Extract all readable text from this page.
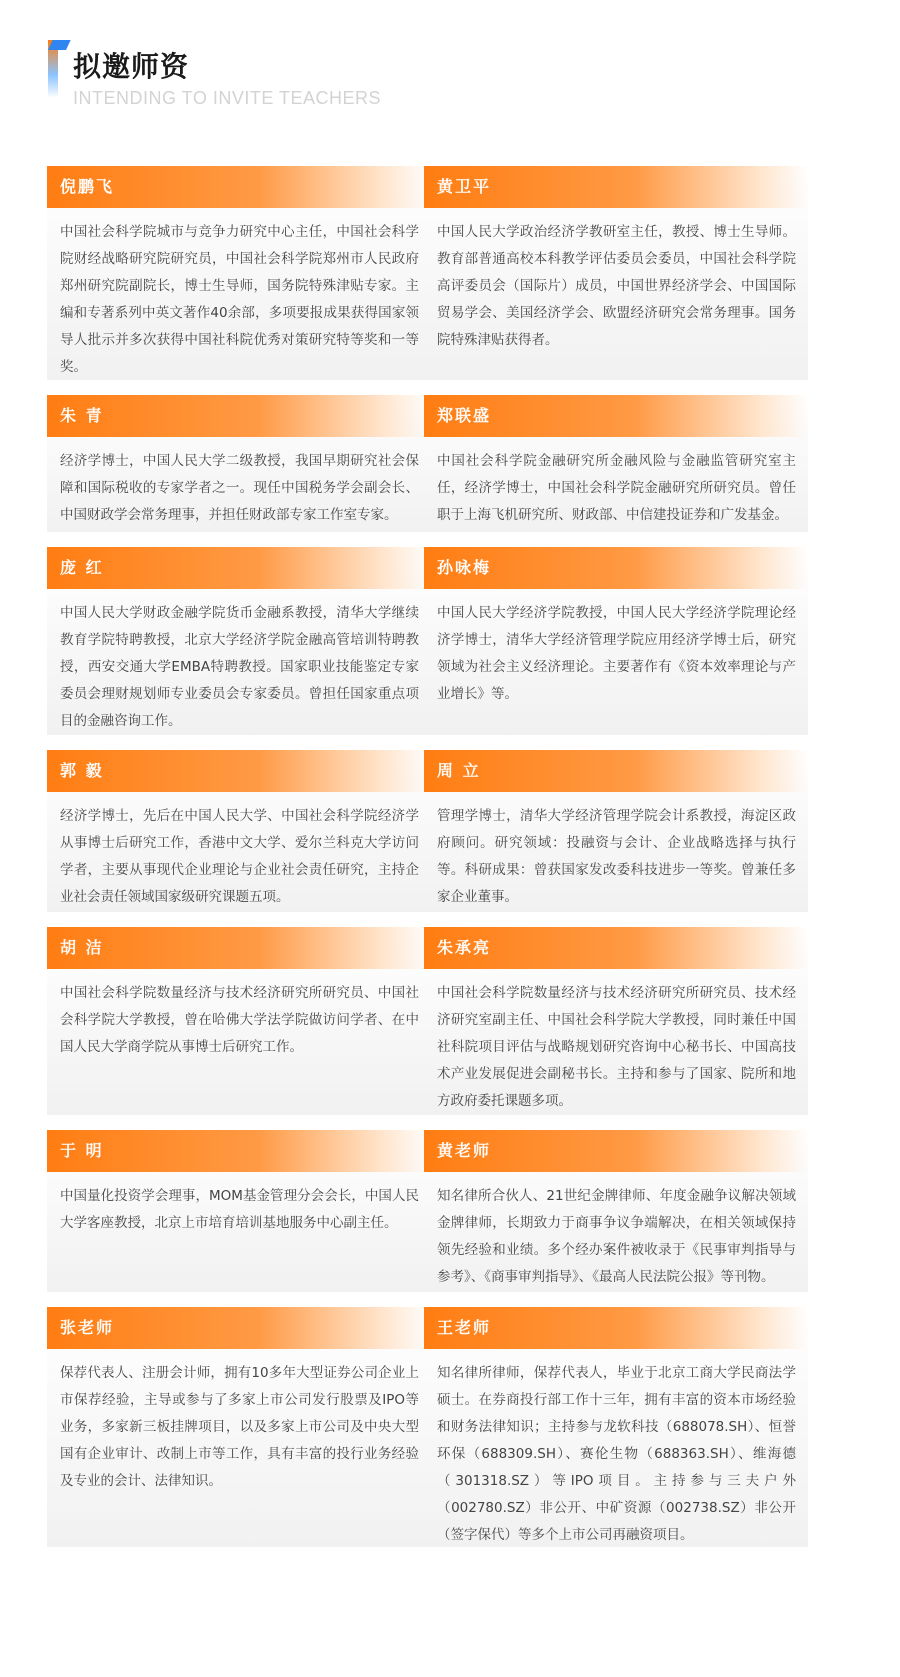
拟邀师资
INTENDING TO INVITE TEACHERS
倪鹏飞
中国社会科学院城市与竞争力研究中心主任，中国社会科学院财经战略研究院研究员，中国社会科学院郑州市人民政府郑州研究院副院长，博士生导师，国务院特殊津贴专家。主编和专著系列中英文著作40余部，多项要报成果获得国家领导人批示并多次获得中国社科院优秀对策研究特等奖和一等奖。
黄卫平
中国人民大学政治经济学教研室主任，教授、博士生导师。教育部普通高校本科教学评估委员会委员，中国社会科学院高评委员会（国际片）成员，中国世界经济学会、中国国际贸易学会、美国经济学会、欧盟经济研究会常务理事。国务院特殊津贴获得者。
朱 青
经济学博士，中国人民大学二级教授，我国早期研究社会保障和国际税收的专家学者之一。现任中国税务学会副会长、中国财政学会常务理事，并担任财政部专家工作室专家。
郑联盛
中国社会科学院金融研究所金融风险与金融监管研究室主任，经济学博士，中国社会科学院金融研究所研究员。曾任职于上海飞机研究所、财政部、中信建投证券和广发基金。
庞 红
中国人民大学财政金融学院货币金融系教授，清华大学继续教育学院特聘教授，北京大学经济学院金融高管培训特聘教授，西安交通大学EMBA特聘教授。国家职业技能鉴定专家委员会理财规划师专业委员会专家委员。曾担任国家重点项目的金融咨询工作。
孙咏梅
中国人民大学经济学院教授，中国人民大学经济学院理论经济学博士，清华大学经济管理学院应用经济学博士后，研究领域为社会主义经济理论。主要著作有《资本效率理论与产业增长》等。
郭 毅
经济学博士，先后在中国人民大学、中国社会科学院经济学从事博士后研究工作，香港中文大学、爱尔兰科克大学访问学者，主要从事现代企业理论与企业社会责任研究，主持企业社会责任领域国家级研究课题五项。
周 立
管理学博士，清华大学经济管理学院会计系教授，海淀区政府顾问。研究领域：投融资与会计、企业战略选择与执行等。科研成果：曾获国家发改委科技进步一等奖。曾兼任多家企业董事。
胡 洁
中国社会科学院数量经济与技术经济研究所研究员、中国社会科学院大学教授，曾在哈佛大学法学院做访问学者、在中国人民大学商学院从事博士后研究工作。
朱承亮
中国社会科学院数量经济与技术经济研究所研究员、技术经济研究室副主任、中国社会科学院大学教授，同时兼任中国社科院项目评估与战略规划研究咨询中心秘书长、中国高技术产业发展促进会副秘书长。主持和参与了国家、院所和地方政府委托课题多项。
于 明
中国量化投资学会理事，MOM基金管理分会会长，中国人民大学客座教授，北京上市培育培训基地服务中心副主任。
黄老师
知名律所合伙人、21世纪金牌律师、年度金融争议解决领域金牌律师，长期致力于商事争议争端解决，在相关领域保持领先经验和业绩。多个经办案件被收录于《民事审判指导与参考》、《商事审判指导》、《最高人民法院公报》等刊物。
张老师
保荐代表人、注册会计师，拥有10多年大型证券公司企业上市保荐经验，主导或参与了多家上市公司发行股票及IPO等业务，多家新三板挂牌项目，以及多家上市公司及中央大型国有企业审计、改制上市等工作，具有丰富的投行业务经验及专业的会计、法律知识。
王老师
知名律所律师，保荐代表人，毕业于北京工商大学民商法学硕士。在券商投行部工作十三年，拥有丰富的资本市场经验和财务法律知识；主持参与龙软科技（688078.SH）、恒誉环保（688309.SH）、赛伦生物（688363.SH）、维海德（301318.SZ）等IPO项目。主持参与三夫户外（002780.SZ）非公开、中矿资源（002738.SZ）非公开（签字保代）等多个上市公司再融资项目。
